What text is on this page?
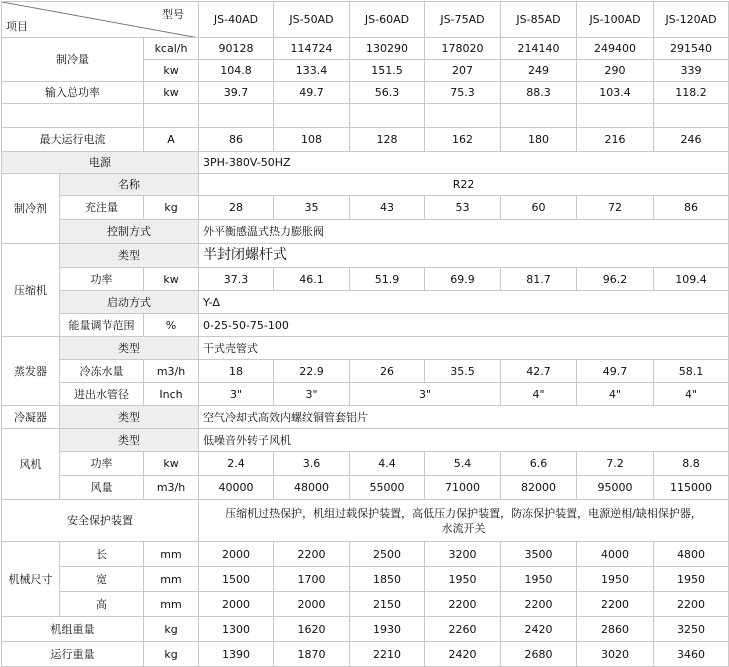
型号
项目			JS-40AD	JS-50AD	JS-60AD	JS-75AD	JS-85AD	JS-100AD	JS-120AD
制冷量		kcal/h	90128	114724	130290	178020	214140	249400	291540
		kw	104.8	133.4	151.5	207	249	290	339
输入总功率		kw	39.7	49.7	56.3	75.3	88.3	103.4	118.2

最大运行电流		A	86	108	128	162	180	216	246
电源			3PH-380V-50HZ						
制冷剂	名称		R22						
	充注量	kg	28	35	43	53	60	72	86
	控制方式		外平衡感温式热力膨胀阀						
压缩机	类型		半封闭螺杆式						
	功率	kw	37.3	46.1	51.9	69.9	81.7	96.2	109.4
	启动方式		Y-Δ						
	能量调节范围	%	0-25-50-75-100						
蒸发器	类型		干式壳管式						
	冷冻水量	m3/h	18	22.9	26	35.5	42.7	49.7	58.1
	进出水管径	Inch	3"	3"	3"		4"	4"	4"
冷凝器	类型		空气冷却式高效内螺纹铜管套铝片						
风机	类型		低噪音外转子风机						
	功率	kw	2.4	3.6	4.4	5.4	6.6	7.2	8.8
	风量	m3/h	40000	48000	55000	71000	82000	95000	115000
安全保护装置			压缩机过热保护，机组过载保护装置，高低压力保护装置，防冻保护装置，电源逆相/缺相保护器，
水流开关						

机械尺寸	长	mm	2000	2200	2500	3200	3500	4000	4800
	宽	mm	1500	1700	1850	1950	1950	1950	1950
	高	mm	2000	2000	2150	2200	2200	2200	2200
机组重量		kg	1300	1620	1930	2260	2420	2860	3250
运行重量		kg	1390	1870	2210	2420	2680	3020	3460
